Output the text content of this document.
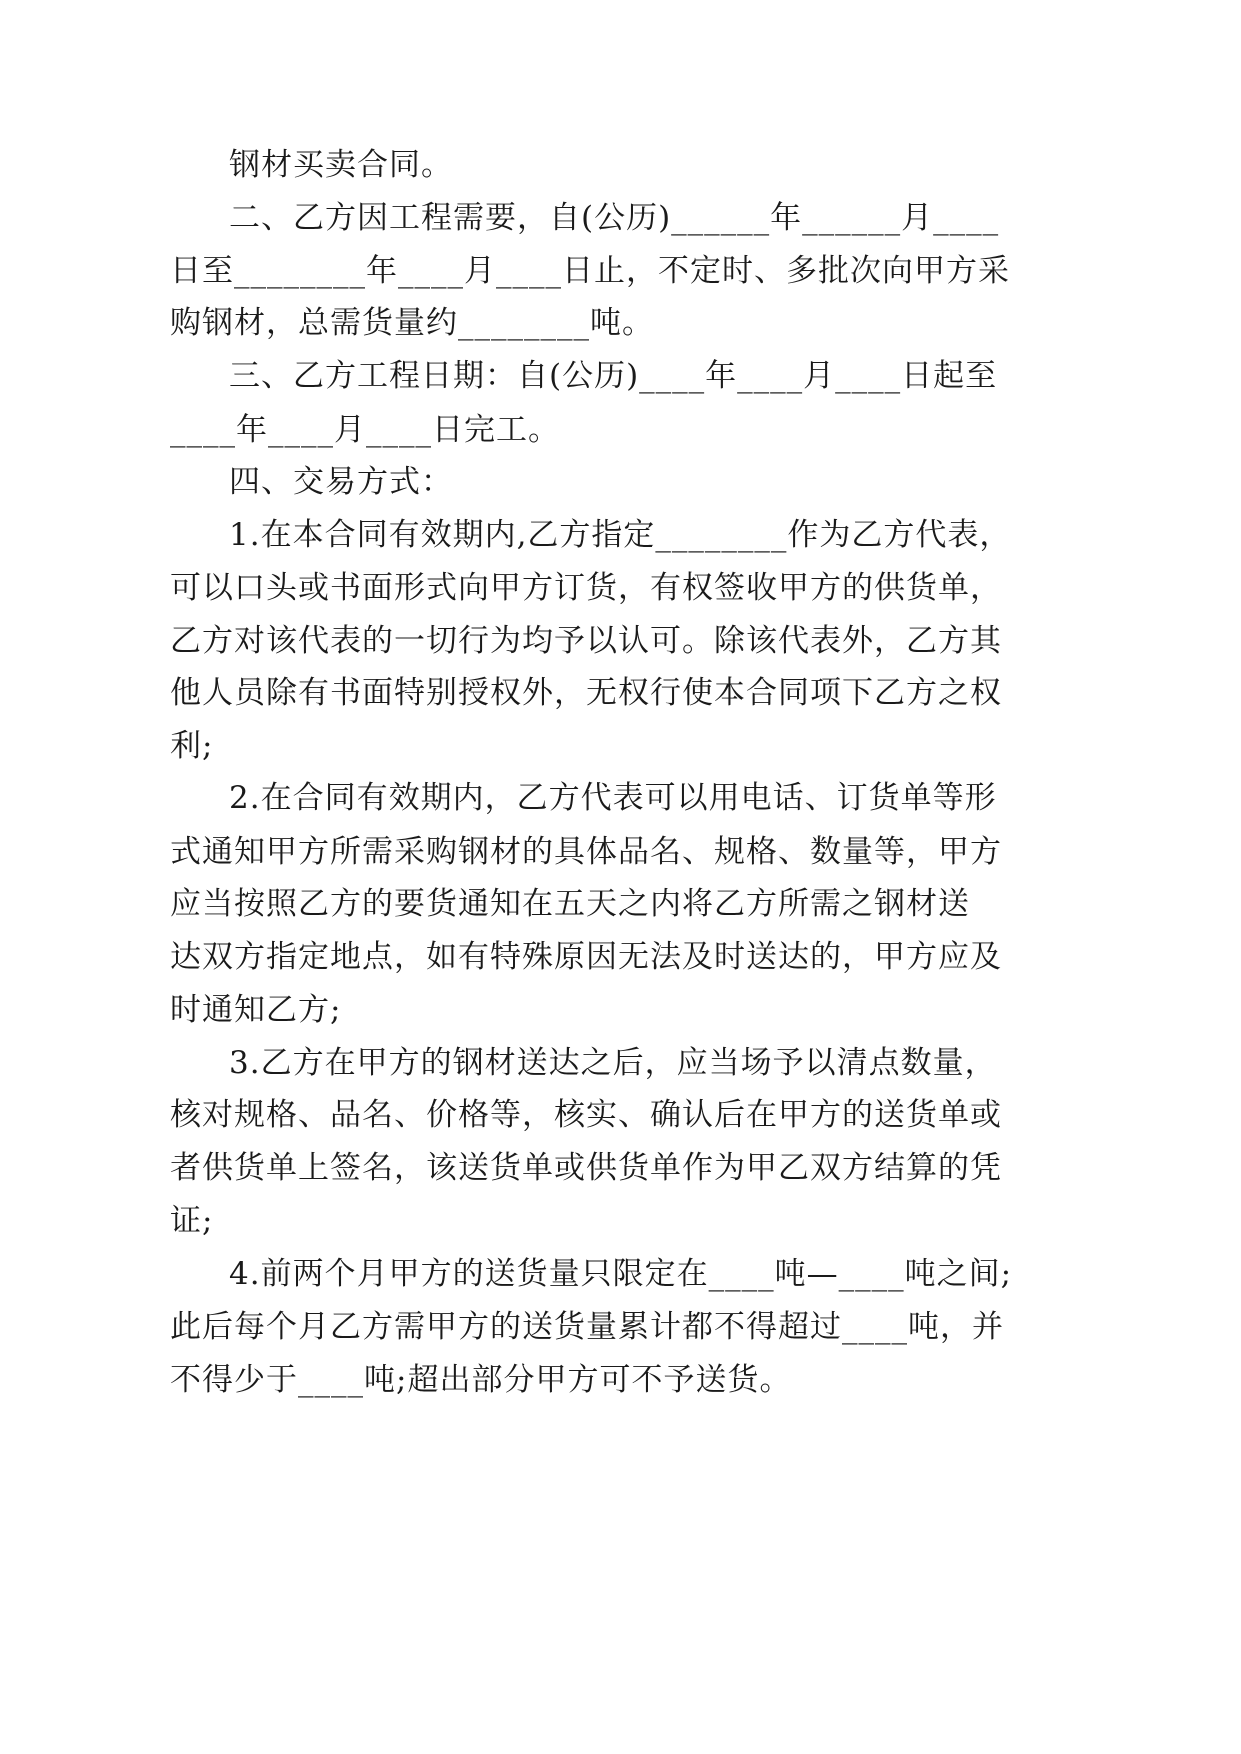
钢材买卖合同。
二、乙方因工程需要，自(公历)______年______月____
日至________年____月____日止，不定时、多批次向甲方采
购钢材，总需货量约________吨。
三、乙方工程日期：自(公历)____年____月____日起至
____年____月____日完工。
四、交易方式：
1.在本合同有效期内,乙方指定________作为乙方代表，
可以口头或书面形式向甲方订货，有权签收甲方的供货单，
乙方对该代表的一切行为均予以认可。除该代表外，乙方其
他人员除有书面特别授权外，无权行使本合同项下乙方之权
利;
2.在合同有效期内，乙方代表可以用电话、订货单等形
式通知甲方所需采购钢材的具体品名、规格、数量等，甲方
应当按照乙方的要货通知在五天之内将乙方所需之钢材送
达双方指定地点，如有特殊原因无法及时送达的，甲方应及
时通知乙方;
3.乙方在甲方的钢材送达之后，应当场予以清点数量，
核对规格、品名、价格等，核实、确认后在甲方的送货单或
者供货单上签名，该送货单或供货单作为甲乙双方结算的凭
证;
4.前两个月甲方的送货量只限定在____吨—____吨之间;
此后每个月乙方需甲方的送货量累计都不得超过____吨，并
不得少于____吨;超出部分甲方可不予送货。
